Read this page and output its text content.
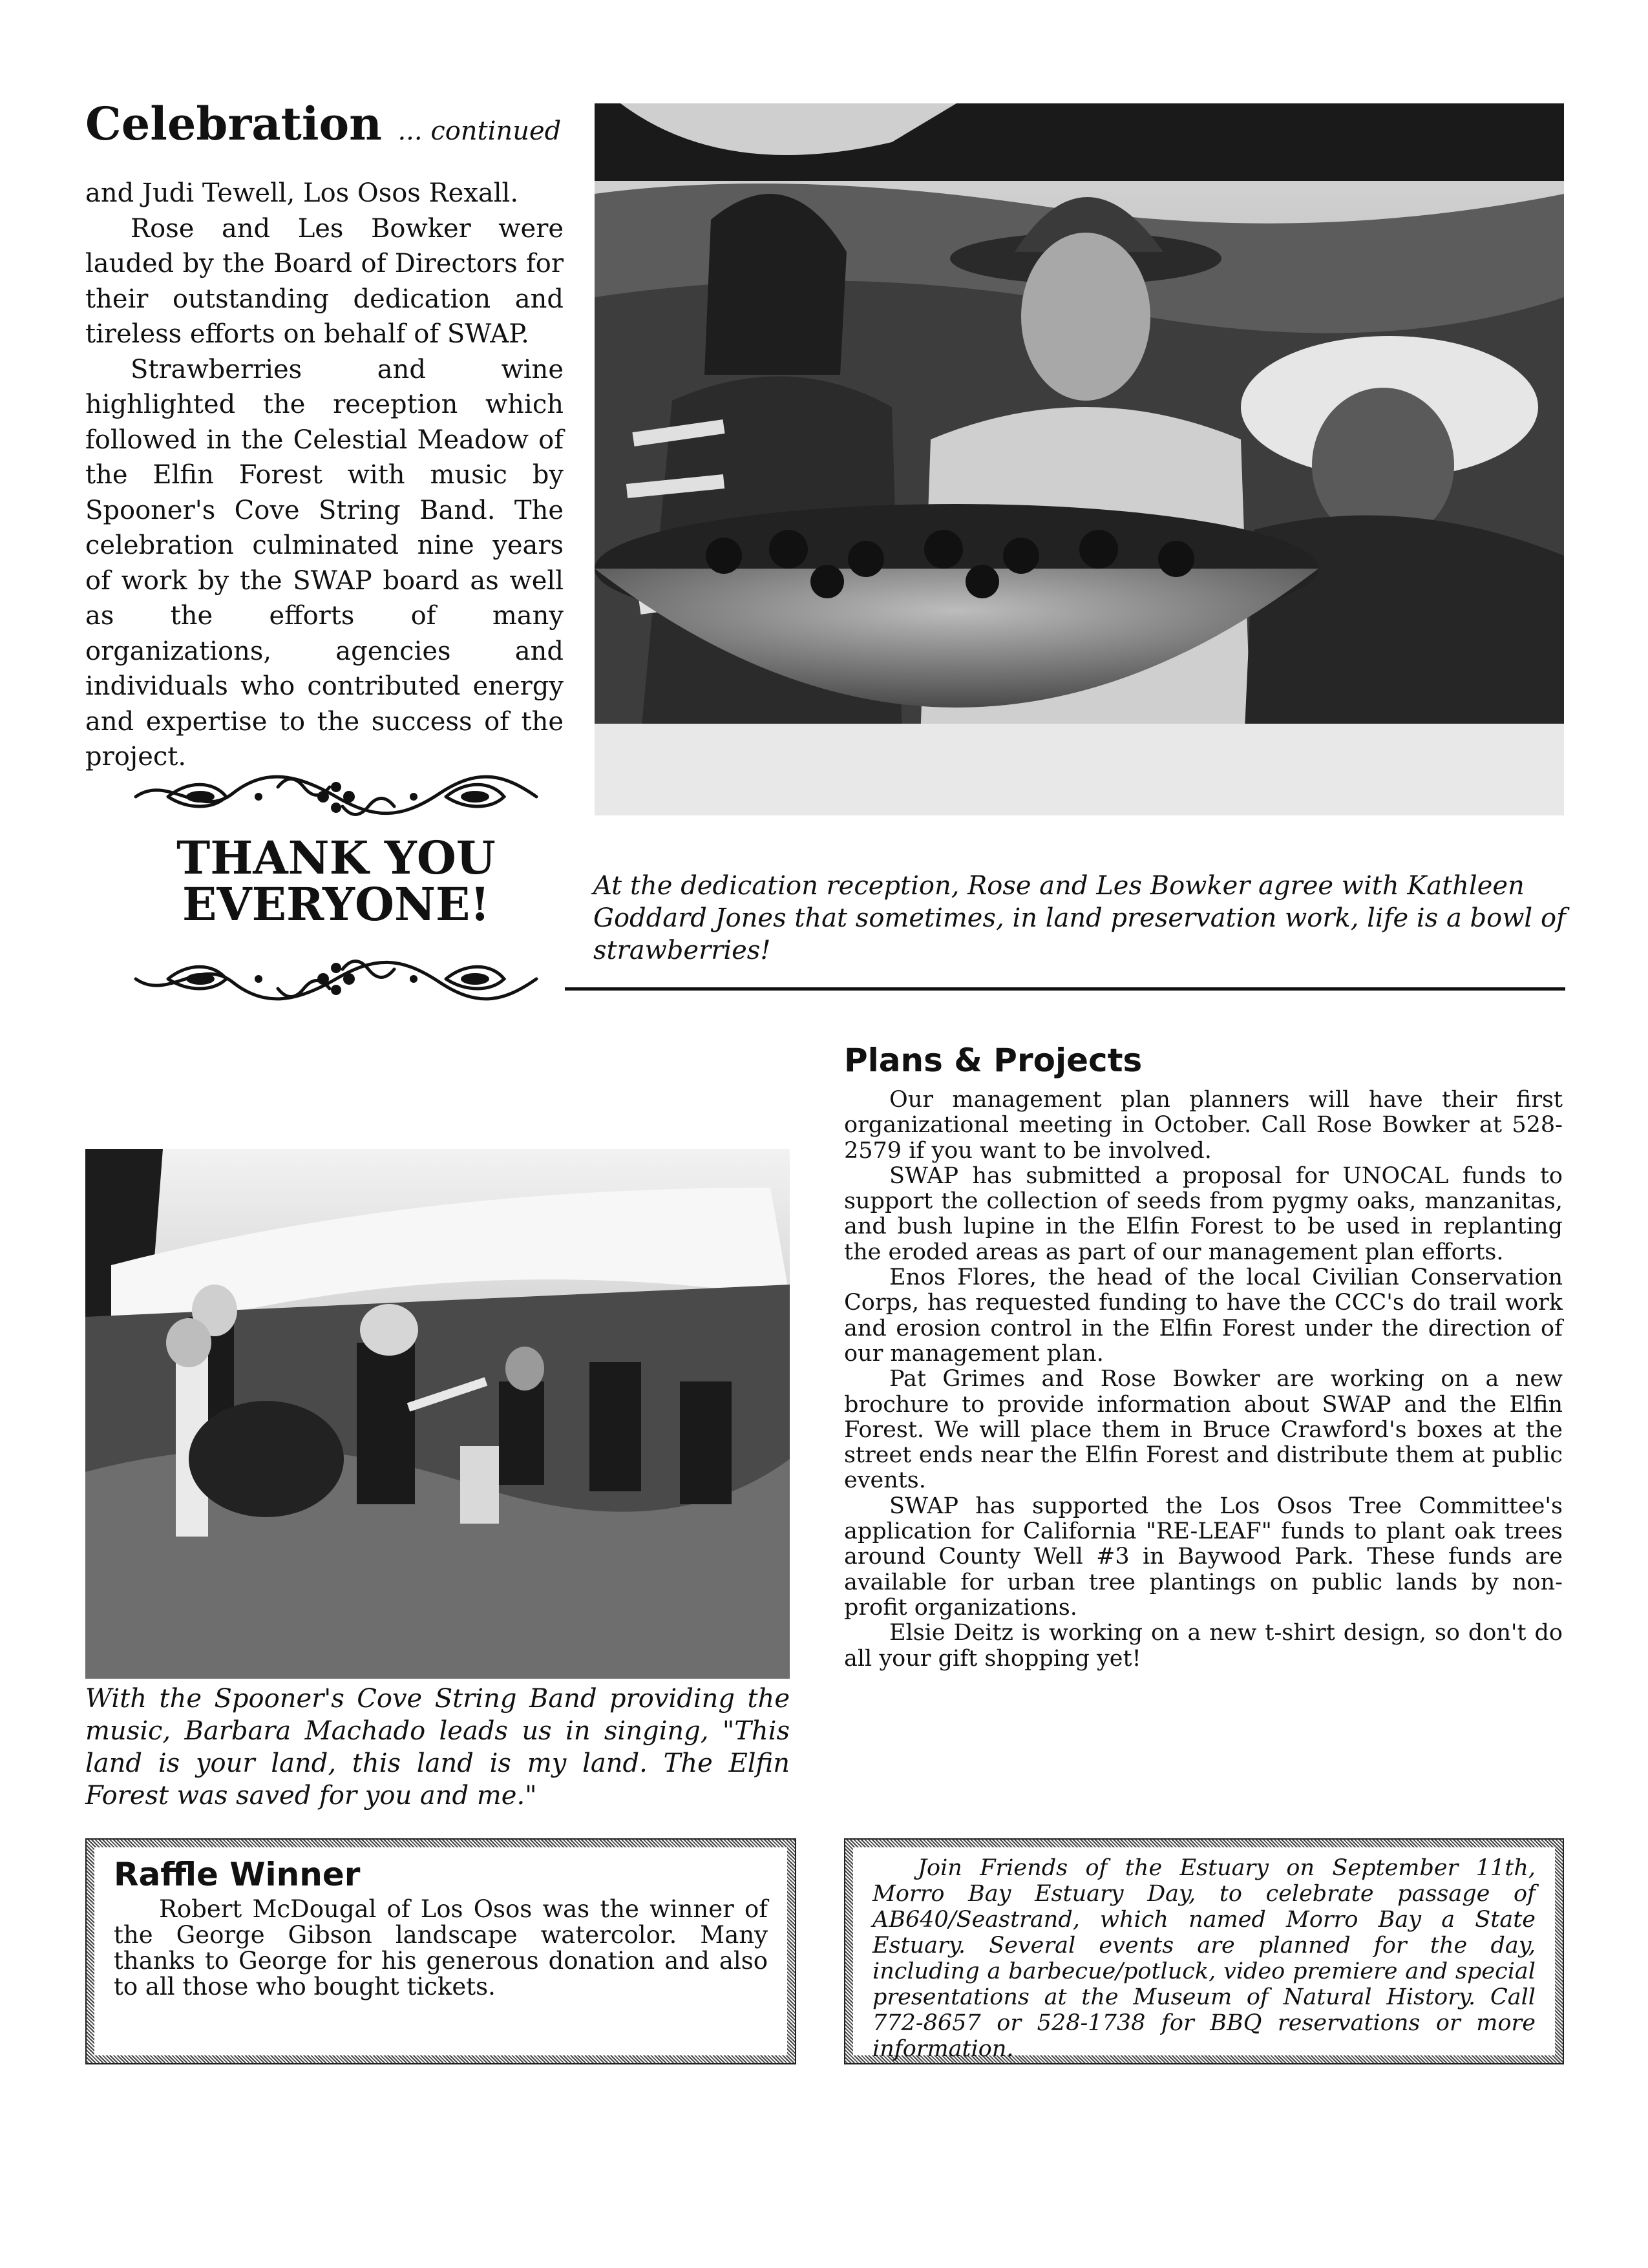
Celebration ... continued

and Judi Tewell, Los Osos Rexall.

Rose and Les Bowker were lauded by the Board of Directors for their outstanding dedication and tireless efforts on behalf of SWAP.

Strawberries and wine highlighted the reception which followed in the Celestial Meadow of the Elfin Forest with music by Spooner's Cove String Band. The celebration culminated nine years of work by the SWAP board as well as the efforts of many organizations, agencies and individuals who contributed energy and expertise to the success of the project.

THANK YOU
EVERYONE!	At the dedication reception, Rose and Les Bowker agree with Kathleen Goddard Jones that sometimes, in land preservation work, life is a bowl of strawberries!
With the Spooner's Cove String Band providing the music, Barbara Machado leads us in singing, "This land is your land, this land is my land. The Elfin Forest was saved for you and me."
Plans & Projects

Our management plan planners will have their first organizational meeting in October. Call Rose Bowker at 528-2579 if you want to be involved.

SWAP has submitted a proposal for UNOCAL funds to support the collection of seeds from pygmy oaks, manzanitas, and bush lupine in the Elfin Forest to be used in replanting the eroded areas as part of our management plan efforts.

Enos Flores, the head of the local Civilian Conservation Corps, has requested funding to have the CCC's do trail work and erosion control in the Elfin Forest under the direction of our management plan.

Pat Grimes and Rose Bowker are working on a new brochure to provide information about SWAP and the Elfin Forest. We will place them in Bruce Crawford's boxes at the street ends near the Elfin Forest and distribute them at public events.

SWAP has supported the Los Osos Tree Committee's application for California "RE-LEAF" funds to plant oak trees around County Well #3 in Baywood Park. These funds are available for urban tree plantings on public lands by non-profit organizations.

Elsie Deitz is working on a new t-shirt design, so don't do all your gift shopping yet!

Raffle Winner

Robert McDougal of Los Osos was the winner of the George Gibson landscape watercolor. Many thanks to George for his generous donation and also to all those who bought tickets.

Join Friends of the Estuary on September 11th, Morro Bay Estuary Day, to celebrate passage of AB640/Seastrand, which named Morro Bay a State Estuary. Several events are planned for the day, including a barbecue/potluck, video premiere and special presentations at the Museum of Natural History. Call 772-8657 or 528-1738 for BBQ reservations or more information.
